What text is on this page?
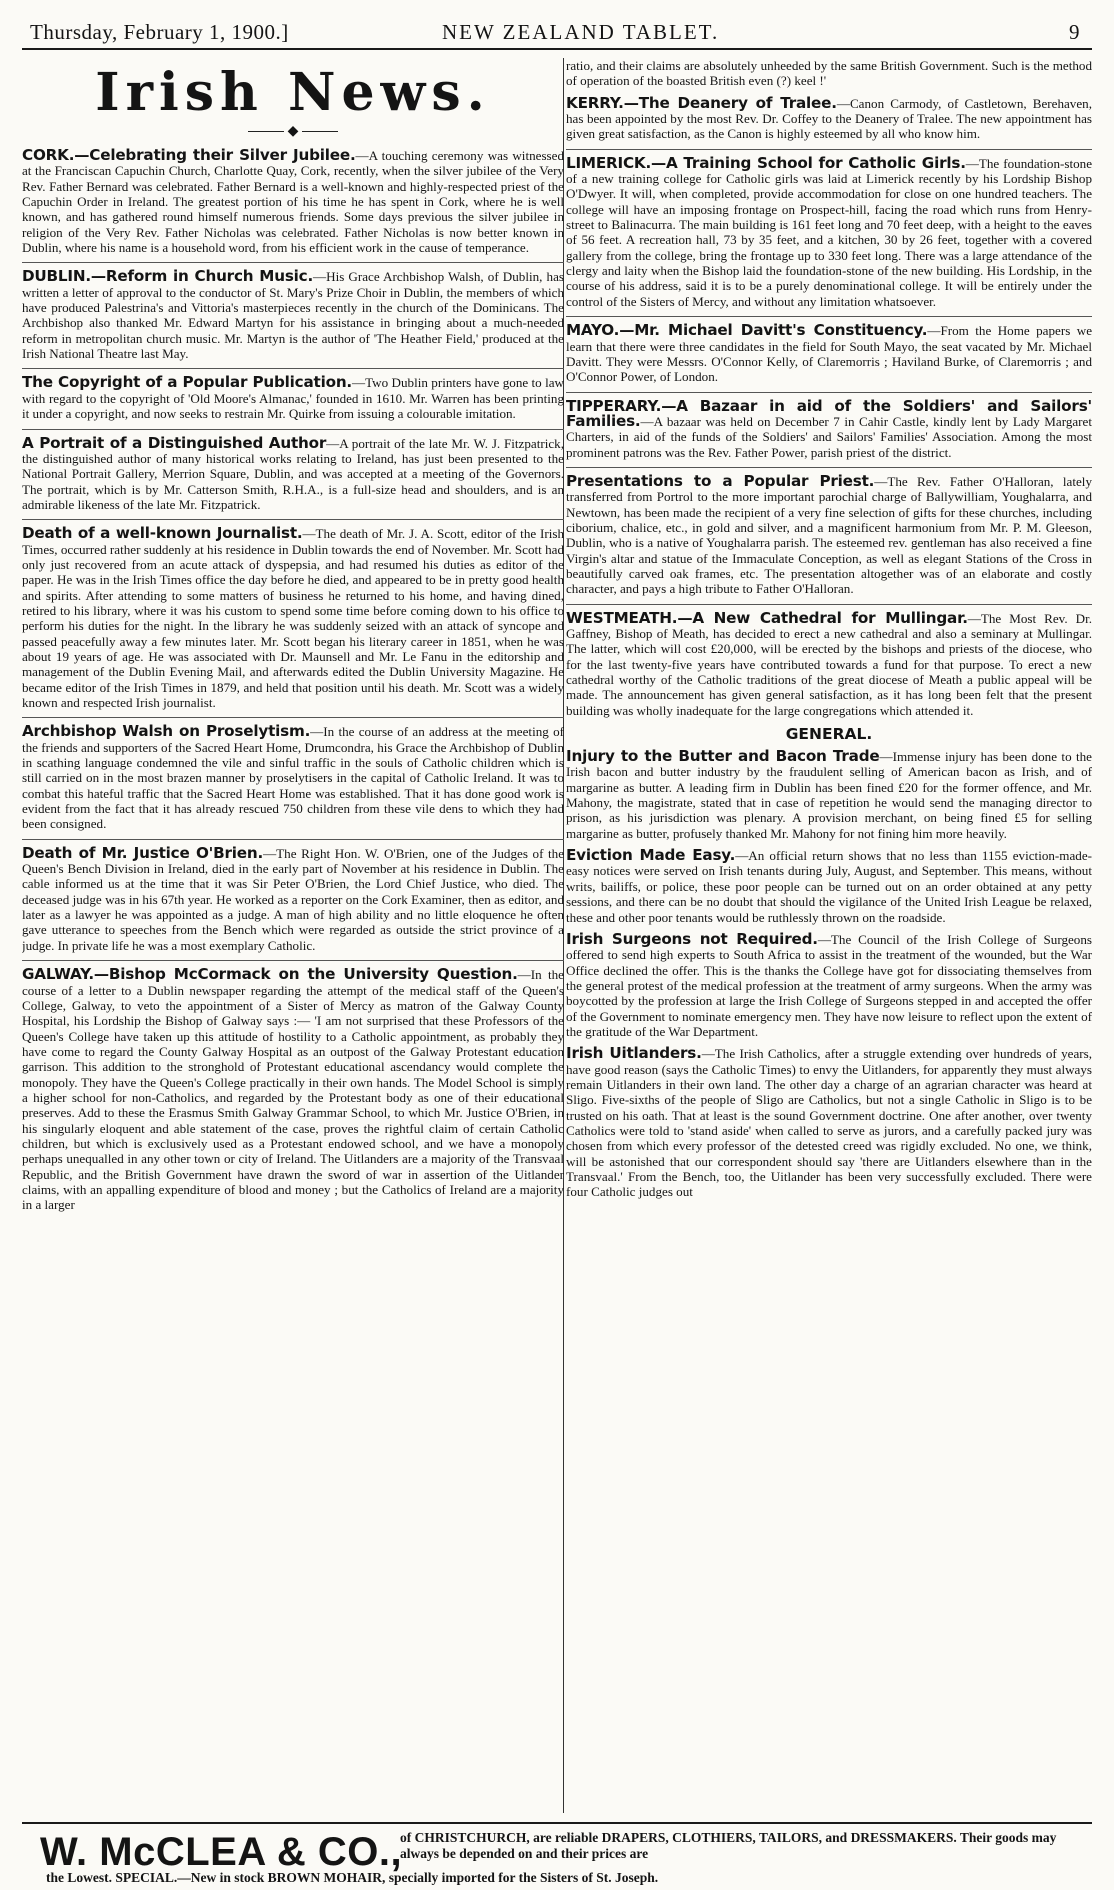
Thursday, February 1, 1900.]	NEW ZEALAND TABLET.	9
Irish News.
◆

CORK.—Celebrating their Silver Jubilee.—A touching ceremony was witnessed at the Franciscan Capuchin Church, Charlotte Quay, Cork, recently, when the silver jubilee of the Very Rev. Father Bernard was celebrated. Father Bernard is a well-known and highly-respected priest of the Capuchin Order in Ireland. The greatest portion of his time he has spent in Cork, where he is well known, and has gathered round himself numerous friends. Some days previous the silver jubilee in religion of the Very Rev. Father Nicholas was celebrated. Father Nicholas is now better known in Dublin, where his name is a household word, from his efficient work in the cause of temperance.

DUBLIN.—Reform in Church Music.—His Grace Archbishop Walsh, of Dublin, has written a letter of approval to the conductor of St. Mary's Prize Choir in Dublin, the members of which have produced Palestrina's and Vittoria's masterpieces recently in the church of the Dominicans. The Archbishop also thanked Mr. Edward Martyn for his assistance in bringing about a much-needed reform in metropolitan church music. Mr. Martyn is the author of 'The Heather Field,' produced at the Irish National Theatre last May.

The Copyright of a Popular Publication.—Two Dublin printers have gone to law with regard to the copyright of 'Old Moore's Almanac,' founded in 1610. Mr. Warren has been printing it under a copyright, and now seeks to restrain Mr. Quirke from issuing a colourable imitation.

A Portrait of a Distinguished Author—A portrait of the late Mr. W. J. Fitzpatrick, the distinguished author of many historical works relating to Ireland, has just been presented to the National Portrait Gallery, Merrion Square, Dublin, and was accepted at a meeting of the Governors. The portrait, which is by Mr. Catterson Smith, R.H.A., is a full-size head and shoulders, and is an admirable likeness of the late Mr. Fitzpatrick.

Death of a well-known Journalist.—The death of Mr. J. A. Scott, editor of the Irish Times, occurred rather suddenly at his residence in Dublin towards the end of November. Mr. Scott had only just recovered from an acute attack of dyspepsia, and had resumed his duties as editor of the paper. He was in the Irish Times office the day before he died, and appeared to be in pretty good health and spirits. After attending to some matters of business he returned to his home, and having dined, retired to his library, where it was his custom to spend some time before coming down to his office to perform his duties for the night. In the library he was suddenly seized with an attack of syncope and passed peacefully away a few minutes later. Mr. Scott began his literary career in 1851, when he was about 19 years of age. He was associated with Dr. Maunsell and Mr. Le Fanu in the editorship and management of the Dublin Evening Mail, and afterwards edited the Dublin University Magazine. He became editor of the Irish Times in 1879, and held that position until his death. Mr. Scott was a widely known and respected Irish journalist.

Archbishop Walsh on Proselytism.—In the course of an address at the meeting of the friends and supporters of the Sacred Heart Home, Drumcondra, his Grace the Archbishop of Dublin in scathing language condemned the vile and sinful traffic in the souls of Catholic children which is still carried on in the most brazen manner by proselytisers in the capital of Catholic Ireland. It was to combat this hateful traffic that the Sacred Heart Home was established. That it has done good work is evident from the fact that it has already rescued 750 children from these vile dens to which they had been consigned.

Death of Mr. Justice O'Brien.—The Right Hon. W. O'Brien, one of the Judges of the Queen's Bench Division in Ireland, died in the early part of November at his residence in Dublin. The cable informed us at the time that it was Sir Peter O'Brien, the Lord Chief Justice, who died. The deceased judge was in his 67th year. He worked as a reporter on the Cork Examiner, then as editor, and later as a lawyer he was appointed as a judge. A man of high ability and no little eloquence he often gave utterance to speeches from the Bench which were regarded as outside the strict province of a judge. In private life he was a most exemplary Catholic.

GALWAY.—Bishop McCormack on the University Question.—In the course of a letter to a Dublin newspaper regarding the attempt of the medical staff of the Queen's College, Galway, to veto the appointment of a Sister of Mercy as matron of the Galway County Hospital, his Lordship the Bishop of Galway says :— 'I am not surprised that these Professors of the Queen's College have taken up this attitude of hostility to a Catholic appointment, as probably they have come to regard the County Galway Hospital as an outpost of the Galway Protestant education garrison. This addition to the stronghold of Protestant educational ascendancy would complete the monopoly. They have the Queen's College practically in their own hands. The Model School is simply a higher school for non-Catholics, and regarded by the Protestant body as one of their educational preserves. Add to these the Erasmus Smith Galway Grammar School, to which Mr. Justice O'Brien, in his singularly eloquent and able statement of the case, proves the rightful claim of certain Catholic children, but which is exclusively used as a Protestant endowed school, and we have a monopoly perhaps unequalled in any other town or city of Ireland. The Uitlanders are a majority of the Transvaal Republic, and the British Government have drawn the sword of war in assertion of the Uitlander claims, with an appalling expenditure of blood and money ; but the Catholics of Ireland are a majority in a larger

ratio, and their claims are absolutely unheeded by the same British Government. Such is the method of operation of the boasted British even (?) keel !'

KERRY.—The Deanery of Tralee.—Canon Carmody, of Castletown, Berehaven, has been appointed by the most Rev. Dr. Coffey to the Deanery of Tralee. The new appointment has given great satisfaction, as the Canon is highly esteemed by all who know him.

LIMERICK.—A Training School for Catholic Girls.—The foundation-stone of a new training college for Catholic girls was laid at Limerick recently by his Lordship Bishop O'Dwyer. It will, when completed, provide accommodation for close on one hundred teachers. The college will have an imposing frontage on Prospect-hill, facing the road which runs from Henry-street to Balinacurra. The main building is 161 feet long and 70 feet deep, with a height to the eaves of 56 feet. A recreation hall, 73 by 35 feet, and a kitchen, 30 by 26 feet, together with a covered gallery from the college, bring the frontage up to 330 feet long. There was a large attendance of the clergy and laity when the Bishop laid the foundation-stone of the new building. His Lordship, in the course of his address, said it is to be a purely denominational college. It will be entirely under the control of the Sisters of Mercy, and without any limitation whatsoever.

MAYO.—Mr. Michael Davitt's Constituency.—From the Home papers we learn that there were three candidates in the field for South Mayo, the seat vacated by Mr. Michael Davitt. They were Messrs. O'Connor Kelly, of Claremorris ; Haviland Burke, of Claremorris ; and O'Connor Power, of London.

TIPPERARY.—A Bazaar in aid of the Soldiers' and Sailors' Families.—A bazaar was held on December 7 in Cahir Castle, kindly lent by Lady Margaret Charters, in aid of the funds of the Soldiers' and Sailors' Families' Association. Among the most prominent patrons was the Rev. Father Power, parish priest of the district.

Presentations to a Popular Priest.—The Rev. Father O'Halloran, lately transferred from Portrol to the more important parochial charge of Ballywilliam, Youghalarra, and Newtown, has been made the recipient of a very fine selection of gifts for these churches, including ciborium, chalice, etc., in gold and silver, and a magnificent harmonium from Mr. P. M. Gleeson, Dublin, who is a native of Youghalarra parish. The esteemed rev. gentleman has also received a fine Virgin's altar and statue of the Immaculate Conception, as well as elegant Stations of the Cross in beautifully carved oak frames, etc. The presentation altogether was of an elaborate and costly character, and pays a high tribute to Father O'Halloran.

WESTMEATH.—A New Cathedral for Mullingar.—The Most Rev. Dr. Gaffney, Bishop of Meath, has decided to erect a new cathedral and also a seminary at Mullingar. The latter, which will cost £20,000, will be erected by the bishops and priests of the diocese, who for the last twenty-five years have contributed towards a fund for that purpose. To erect a new cathedral worthy of the Catholic traditions of the great diocese of Meath a public appeal will be made. The announcement has given general satisfaction, as it has long been felt that the present building was wholly inadequate for the large congregations which attended it.

GENERAL.

Injury to the Butter and Bacon Trade—Immense injury has been done to the Irish bacon and butter industry by the fraudulent selling of American bacon as Irish, and of margarine as butter. A leading firm in Dublin has been fined £20 for the former offence, and Mr. Mahony, the magistrate, stated that in case of repetition he would send the managing director to prison, as his jurisdiction was plenary. A provision merchant, on being fined £5 for selling margarine as butter, profusely thanked Mr. Mahony for not fining him more heavily.

Eviction Made Easy.—An official return shows that no less than 1155 eviction-made-easy notices were served on Irish tenants during July, August, and September. This means, without writs, bailiffs, or police, these poor people can be turned out on an order obtained at any petty sessions, and there can be no doubt that should the vigilance of the United Irish League be relaxed, these and other poor tenants would be ruthlessly thrown on the roadside.

Irish Surgeons not Required.—The Council of the Irish College of Surgeons offered to send high experts to South Africa to assist in the treatment of the wounded, but the War Office declined the offer. This is the thanks the College have got for dissociating themselves from the general protest of the medical profession at the treatment of army surgeons. When the army was boycotted by the profession at large the Irish College of Surgeons stepped in and accepted the offer of the Government to nominate emergency men. They have now leisure to reflect upon the extent of the gratitude of the War Department.

Irish Uitlanders.—The Irish Catholics, after a struggle extending over hundreds of years, have good reason (says the Catholic Times) to envy the Uitlanders, for apparently they must always remain Uitlanders in their own land. The other day a charge of an agrarian character was heard at Sligo. Five-sixths of the people of Sligo are Catholics, but not a single Catholic in Sligo is to be trusted on his oath. That at least is the sound Government doctrine. One after another, over twenty Catholics were told to 'stand aside' when called to serve as jurors, and a carefully packed jury was chosen from which every professor of the detested creed was rigidly excluded. No one, we think, will be astonished that our correspondent should say 'there are Uitlanders elsewhere than in the Transvaal.' From the Bench, too, the Uitlander has been very successfully excluded. There were four Catholic judges out

W. McCLEA & CO.,
of CHRISTCHURCH, are reliable DRAPERS, CLOTHIERS, TAILORS, and DRESSMAKERS. Their goods may always be depended on and their prices are
the Lowest. SPECIAL.—New in stock BROWN MOHAIR, specially imported for the Sisters of St. Joseph.
